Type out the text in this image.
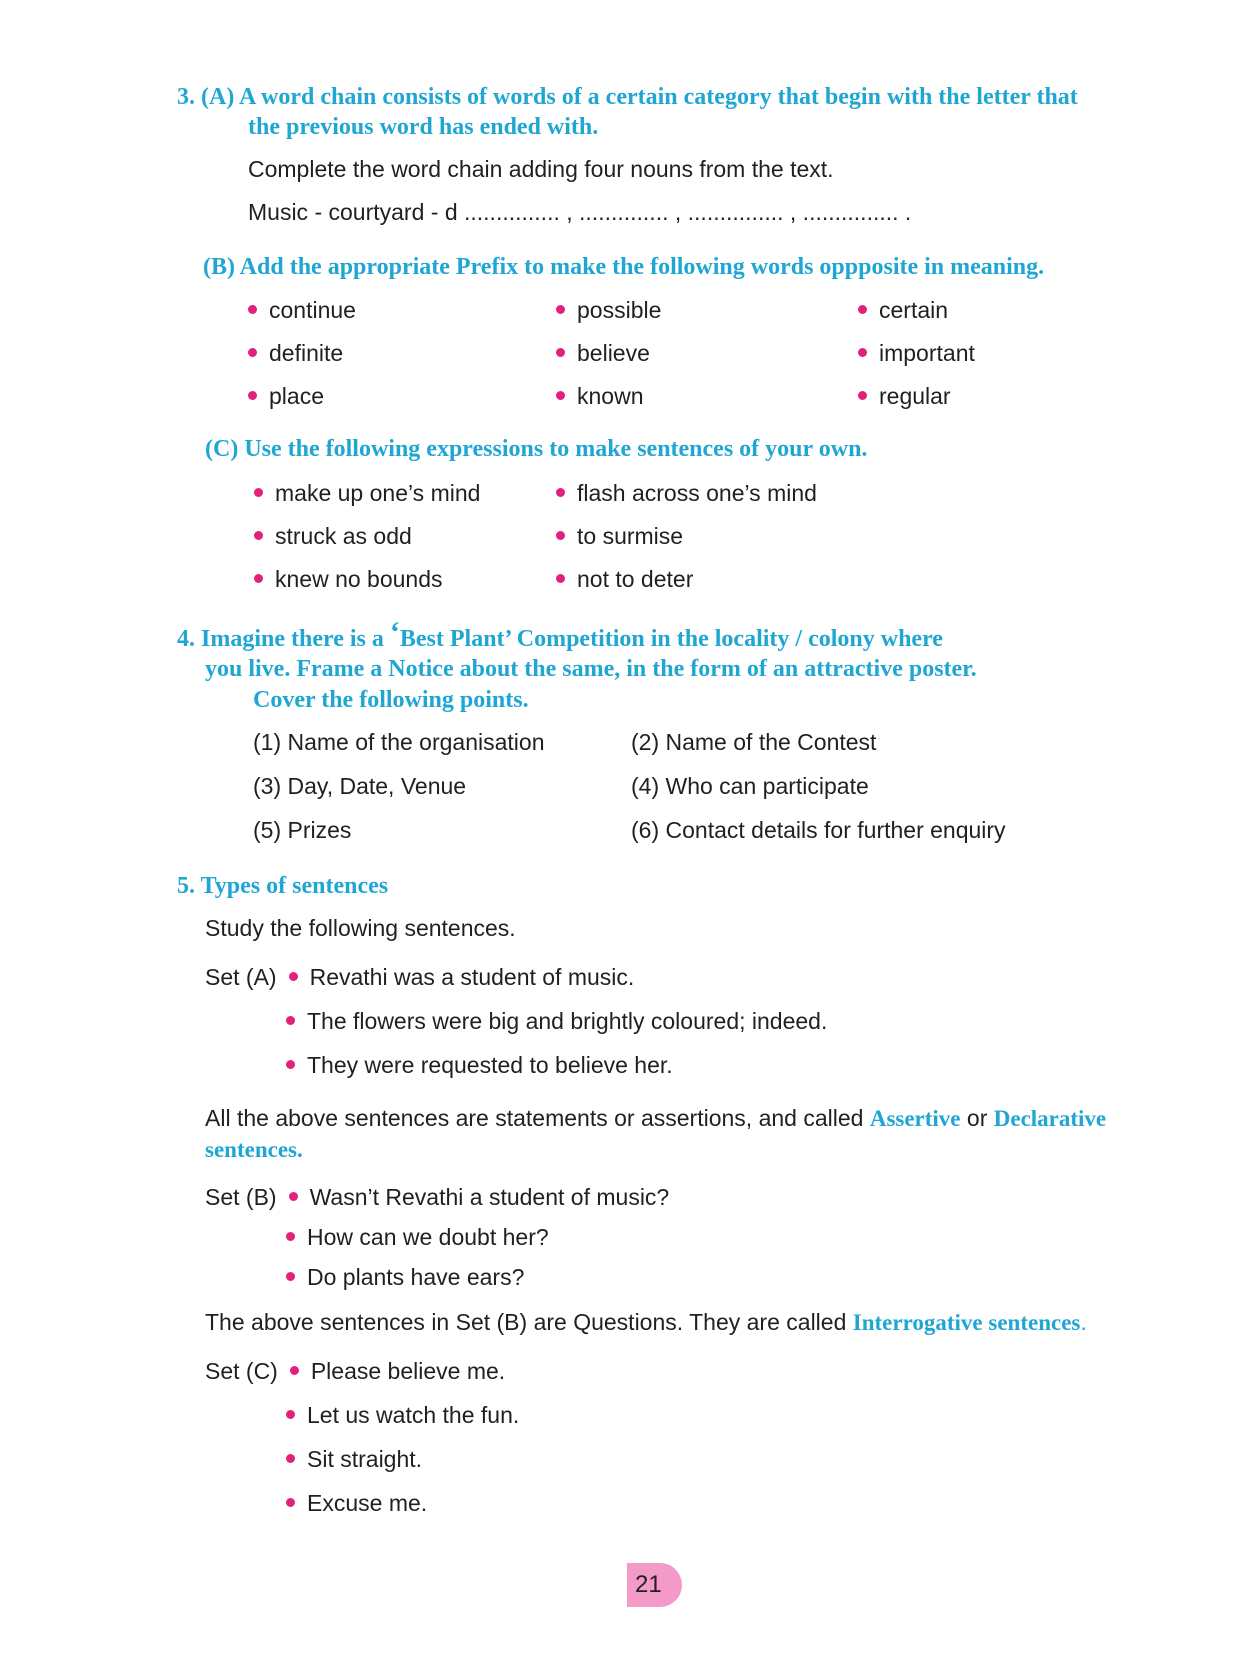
3. (A) A word chain consists of words of a certain category that begin with the letter that
the previous word has ended with.
Complete the word chain adding four nouns from the text.
Music - courtyard - d ............... , .............. , ............... , ............... .
(B) Add the appropriate Prefix to make the following words oppposite in meaning.
continue	possible	certain
definite	believe	important
place	known	regular
(C) Use the following expressions to make sentences of your own.
make up one’s mind	flash across one’s mind
struck as odd	to surmise
knew no bounds	not to deter
4. Imagine there is a ‘Best Plant’ Competition in the locality / colony where
you live. Frame a Notice about the same, in the form of an attractive poster.
Cover the following points.
(1) Name of the organisation	(2) Name of the Contest
(3) Day, Date, Venue	(4) Who can participate
(5) Prizes	(6) Contact details for further enquiry
5. Types of sentences
Study the following sentences.
Set (A) Revathi was a student of music.
The flowers were big and brightly coloured; indeed.
They were requested to believe her.
All the above sentences are statements or assertions, and called Assertive or Declarative
sentences.
Set (B) Wasn’t Revathi a student of music?
How can we doubt her?
Do plants have ears?
The above sentences in Set (B) are Questions. They are called Interrogative sentences.
Set (C) Please believe me.
Let us watch the fun.
Sit straight.
Excuse me.
21
